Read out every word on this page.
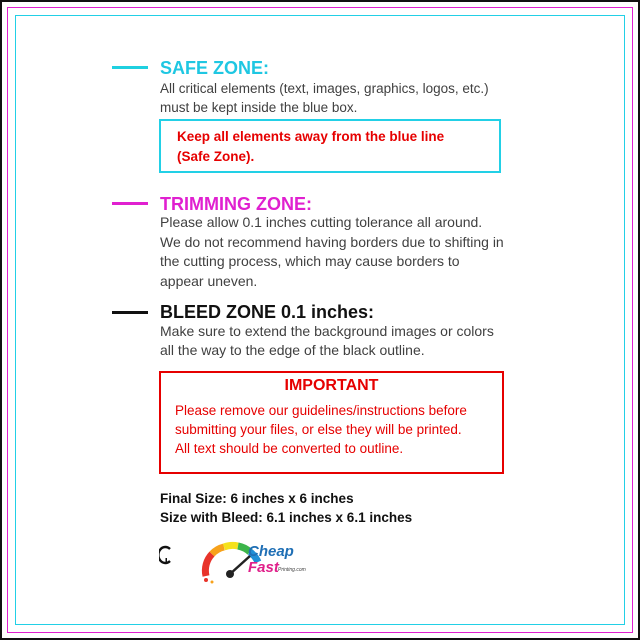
SAFE ZONE:
All critical elements (text, images, graphics, logos, etc.)
must be kept inside the blue box.
Keep all elements away from the blue line
(Safe Zone).
TRIMMING ZONE:
Please allow 0.1 inches cutting tolerance all around.
We do not recommend having borders due to shifting in
the cutting process, which may cause borders to
appear uneven.
BLEED ZONE 0.1 inches:
Make sure to extend the background images or colors
all the way to the edge of the black outline.
IMPORTANT
Please remove our guidelines/instructions before
submitting your files, or else they will be printed.
All text should be converted to outline.
Final Size: 6 inches x 6 inches
Size with Bleed: 6.1 inches x 6.1 inches
Cheap
Fast Printing.com
